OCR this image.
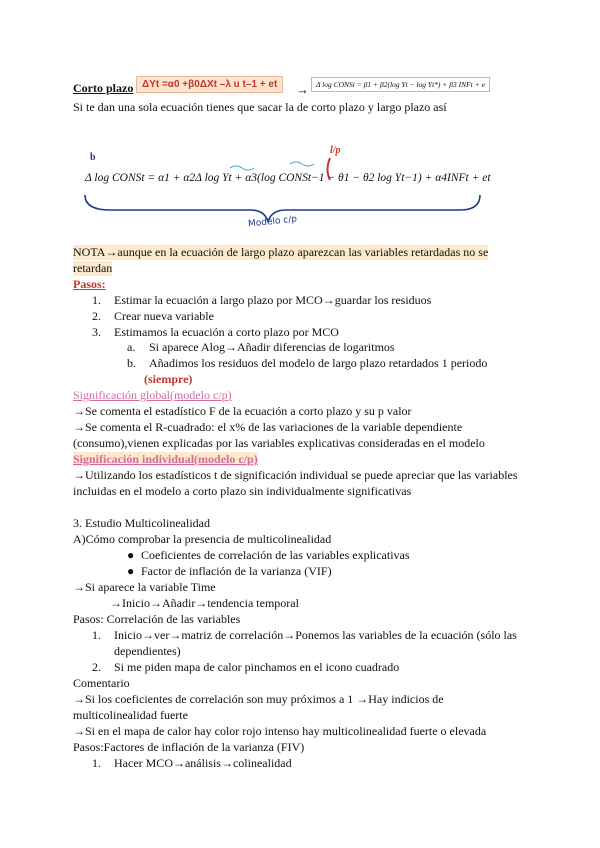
Corto plazo ΔYt =α0 +β0ΔXt –λ u t–1 + et	→ Δ log CONSt = β1 + β2(log Yt − log Yt*) + β3 INFt + e
Si te dan una sola ecuación tienes que sacar la de corto plazo y largo plazo así
b
l/p
Δ log CONSt = α1 + α2Δ log Yt + α3(log CONSt−1 − θ1 − θ2 log Yt−1) + α4INFt + et
Modelo c/p
NOTA→aunque en la ecuación de largo plazo aparezcan las variables retardadas no se
retardan
Pasos:
1. Estimar la ecuación a largo plazo por MCO→guardar los residuos
2. Crear nueva variable
3. Estimamos la ecuación a corto plazo por MCO
a. Si aparece Alog→Añadir diferencias de logaritmos
b. Añadimos los residuos del modelo de largo plazo retardados 1 periodo
(siempre)
Significación global(modelo c/p)
→Se comenta el estadístico F de la ecuación a corto plazo y su p valor
→Se comenta el R-cuadrado: el x% de las variaciones de la variable dependiente
(consumo),vienen explicadas por las variables explicativas consideradas en el modelo
Significación individual(modelo c/p)
→Utilizando los estadísticos t de significación individual se puede apreciar que las variables
incluidas en el modelo a corto plazo sin individualmente significativas
3. Estudio Multicolinealidad
A)Cómo comprobar la presencia de multicolinealidad
● Coeficientes de correlación de las variables explicativas
● Factor de inflación de la varianza (VIF)
→Si aparece la variable Time
→Inicio→Añadir→tendencia temporal
Pasos: Correlación de las variables
1. Inicio→ver→matriz de correlación→Ponemos las variables de la ecuación (sólo las
dependientes)
2. Si me piden mapa de calor pinchamos en el icono cuadrado
Comentario
→Si los coeficientes de correlación son muy próximos a 1 →Hay indicios de
multicolinealidad fuerte
→Si en el mapa de calor hay color rojo intenso hay multicolinealidad fuerte o elevada
Pasos:Factores de inflación de la varianza (FIV)
1. Hacer MCO→análisis→colinealidad
